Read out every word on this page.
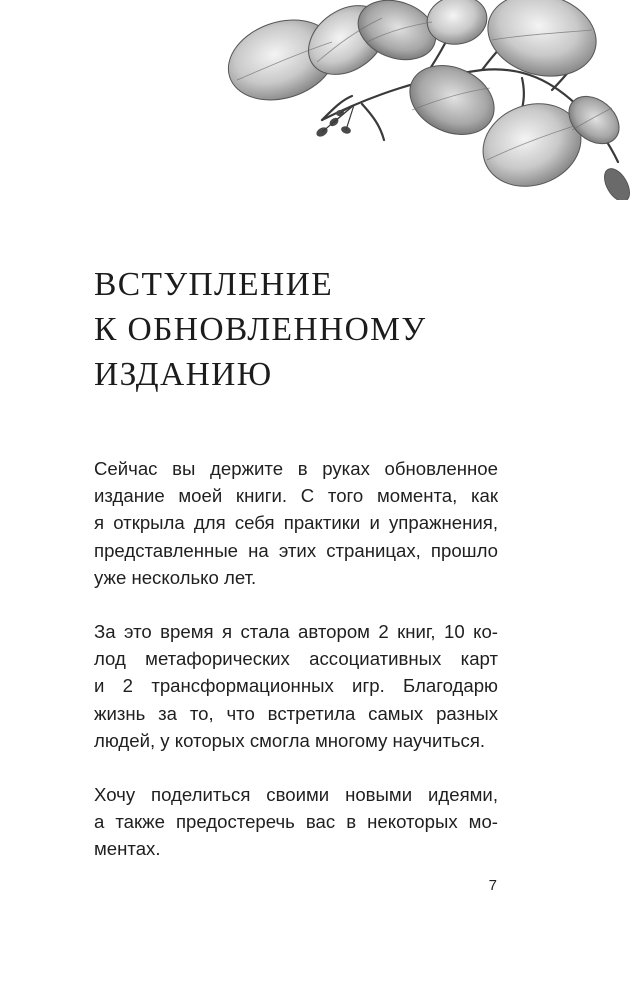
ВСТУПЛЕНИЕ
К ОБНОВЛЕННОМУ
ИЗДАНИЮ

Сейчас вы держите в руках обновленное
издание моей книги. С того момента, как
я открыла для себя практики и упражнения,
представленные на этих страницах, прошло
уже несколько лет.

За это время я стала автором 2 книг, 10 ко-
лод метафорических ассоциативных карт
и 2 трансформационных игр. Благодарю
жизнь за то, что встретила самых разных
людей, у которых смогла многому научиться.

Хочу поделиться своими новыми идеями,
а также предостеречь вас в некоторых мо-
ментах.

7
